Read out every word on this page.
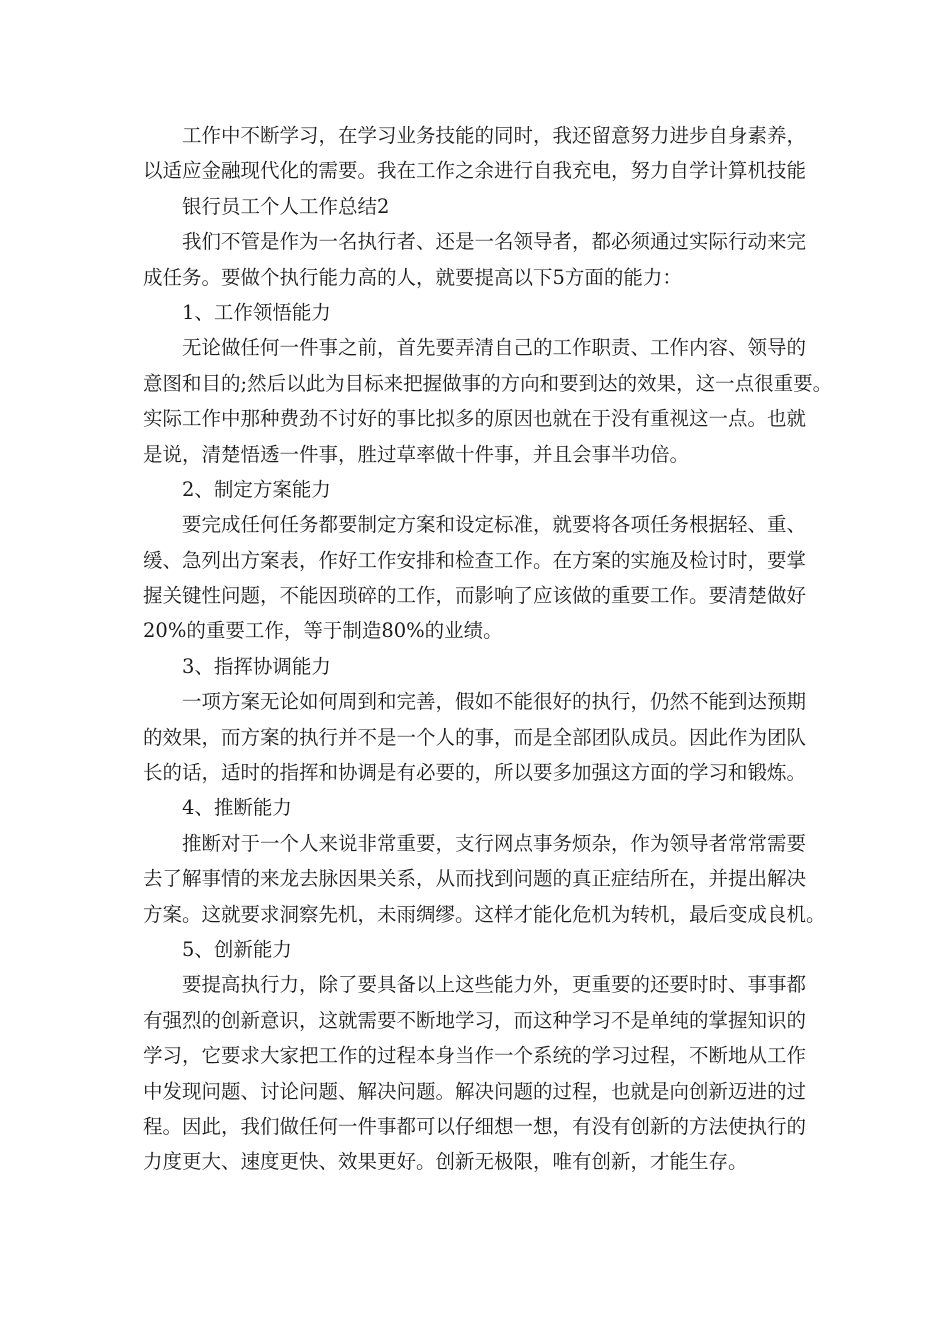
工作中不断学习，在学习业务技能的同时，我还留意努力进步自身素养，
以适应金融现代化的需要。我在工作之余进行自我充电，努力自学计算机技能
银行员工个人工作总结2
我们不管是作为一名执行者、还是一名领导者，都必须通过实际行动来完
成任务。要做个执行能力高的人，就要提高以下5方面的能力：
1、工作领悟能力
无论做任何一件事之前，首先要弄清自己的工作职责、工作内容、领导的
意图和目的;然后以此为目标来把握做事的方向和要到达的效果，这一点很重要。
实际工作中那种费劲不讨好的事比拟多的原因也就在于没有重视这一点。也就
是说，清楚悟透一件事，胜过草率做十件事，并且会事半功倍。
2、制定方案能力
要完成任何任务都要制定方案和设定标准，就要将各项任务根据轻、重、
缓、急列出方案表，作好工作安排和检查工作。在方案的实施及检讨时，要掌
握关键性问题，不能因琐碎的工作，而影响了应该做的重要工作。要清楚做好
20%的重要工作，等于制造80%的业绩。
3、指挥协调能力
一项方案无论如何周到和完善，假如不能很好的执行，仍然不能到达预期
的效果，而方案的执行并不是一个人的事，而是全部团队成员。因此作为团队
长的话，适时的指挥和协调是有必要的，所以要多加强这方面的学习和锻炼。
4、推断能力
推断对于一个人来说非常重要，支行网点事务烦杂，作为领导者常常需要
去了解事情的来龙去脉因果关系，从而找到问题的真正症结所在，并提出解决
方案。这就要求洞察先机，未雨绸缪。这样才能化危机为转机，最后变成良机。
5、创新能力
要提高执行力，除了要具备以上这些能力外，更重要的还要时时、事事都
有强烈的创新意识，这就需要不断地学习，而这种学习不是单纯的掌握知识的
学习，它要求大家把工作的过程本身当作一个系统的学习过程，不断地从工作
中发现问题、讨论问题、解决问题。解决问题的过程，也就是向创新迈进的过
程。因此，我们做任何一件事都可以仔细想一想，有没有创新的方法使执行的
力度更大、速度更快、效果更好。创新无极限，唯有创新，才能生存。
